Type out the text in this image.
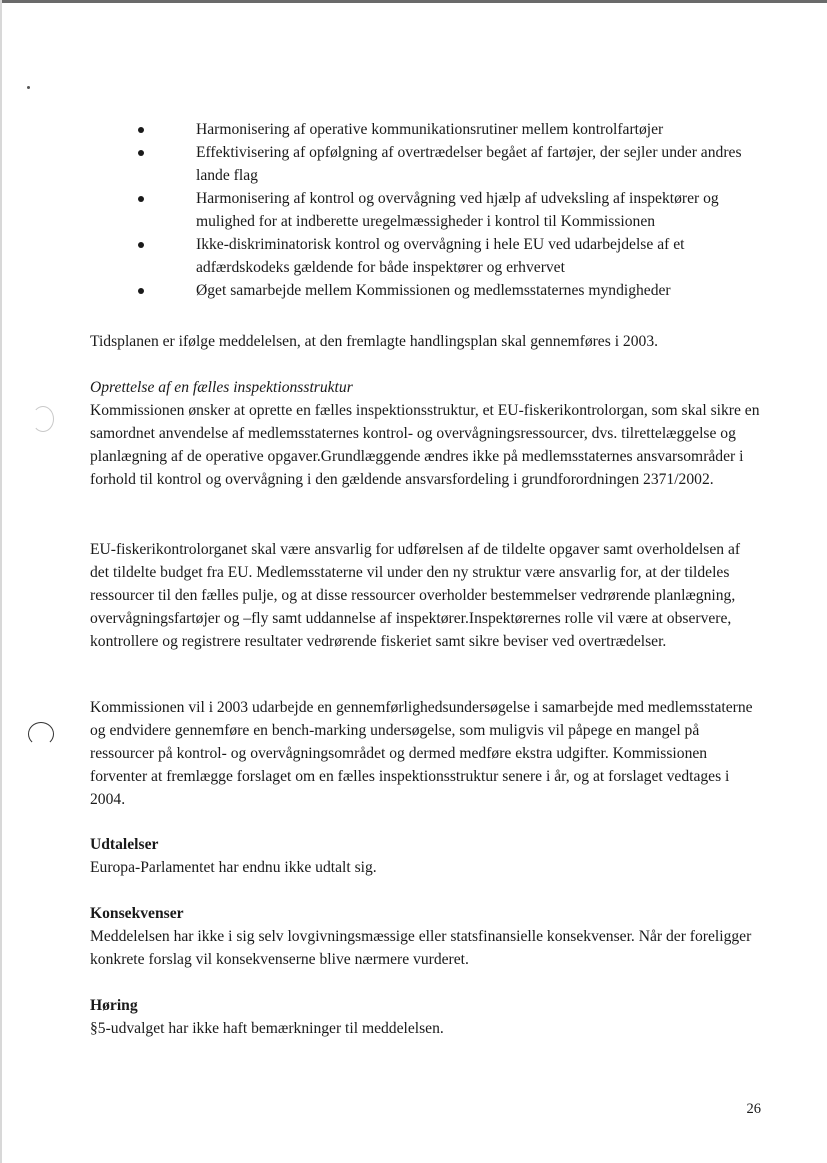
Harmonisering af operative kommunikationsrutiner mellem kontrolfartøjer
Effektivisering af opfølgning af overtrædelser begået af fartøjer, der sejler under andres lande flag
Harmonisering af kontrol og overvågning ved hjælp af udveksling af inspektører og mulighed for at indberette uregelmæssigheder i kontrol til Kommissionen
Ikke-diskriminatorisk kontrol og overvågning i hele EU ved udarbejdelse af et adfærdskodeks gældende for både inspektører og erhvervet
Øget samarbejde mellem Kommissionen og medlemsstaternes myndigheder

Tidsplanen er ifølge meddelelsen, at den fremlagte handlingsplan skal gennemføres i 2003.

Oprettelse af en fælles inspektionsstruktur
Kommissionen ønsker at oprette en fælles inspektionsstruktur, et EU-fiskerikontrolorgan, som skal sikre en samordnet anvendelse af medlemsstaternes kontrol- og overvågningsressourcer, dvs. tilrettelæggelse og planlægning af de operative opgaver.Grundlæggende ændres ikke på medlemsstaternes ansvarsområder i forhold til kontrol og overvågning i den gældende ansvarsfordeling i grundforordningen 2371/2002.

EU-fiskerikontrolorganet skal være ansvarlig for udførelsen af de tildelte opgaver samt overholdelsen af det tildelte budget fra EU. Medlemsstaterne vil under den ny struktur være ansvarlig for, at der tildeles ressourcer til den fælles pulje, og at disse ressourcer overholder bestemmelser vedrørende planlægning, overvågningsfartøjer og –fly samt uddannelse af inspektører.Inspektørernes rolle vil være at observere, kontrollere og registrere resultater vedrørende fiskeriet samt sikre beviser ved overtrædelser.

Kommissionen vil i 2003 udarbejde en gennemførlighedsundersøgelse i samarbejde med medlemsstaterne og endvidere gennemføre en bench-marking undersøgelse, som muligvis vil påpege en mangel på ressourcer på kontrol- og overvågningsområdet og dermed medføre ekstra udgifter. Kommissionen forventer at fremlægge forslaget om en fælles inspektionsstruktur senere i år, og at forslaget vedtages i 2004.

Udtalelser
Europa-Parlamentet har endnu ikke udtalt sig.
Konsekvenser
Meddelelsen har ikke i sig selv lovgivningsmæssige eller statsfinansielle konsekvenser. Når der foreligger konkrete forslag vil konsekvenserne blive nærmere vurderet.
Høring
§5-udvalget har ikke haft bemærkninger til meddelelsen.
26
